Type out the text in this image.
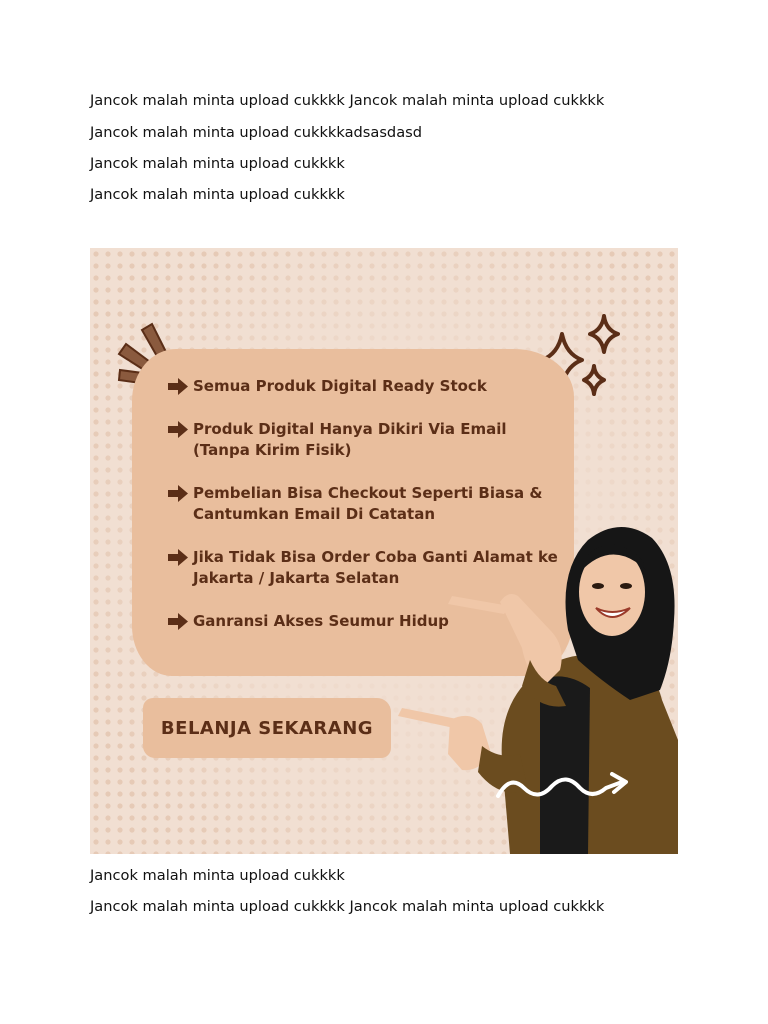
Jancok malah minta upload cukkkk Jancok malah minta upload cukkkk

Jancok malah minta upload cukkkkadsasdasd

Jancok malah minta upload cukkkk

Jancok malah minta upload cukkkk

Semua Produk Digital Ready Stock
Produk Digital Hanya Dikiri Via Email
(Tanpa Kirim Fisik)
Pembelian Bisa Checkout Seperti Biasa &
Cantumkan Email Di Catatan
Jika Tidak Bisa Order Coba Ganti Alamat ke
Jakarta / Jakarta Selatan
Ganransi Akses Seumur Hidup
BELANJA SEKARANG

Jancok malah minta upload cukkkk

Jancok malah minta upload cukkkk Jancok malah minta upload cukkkk
